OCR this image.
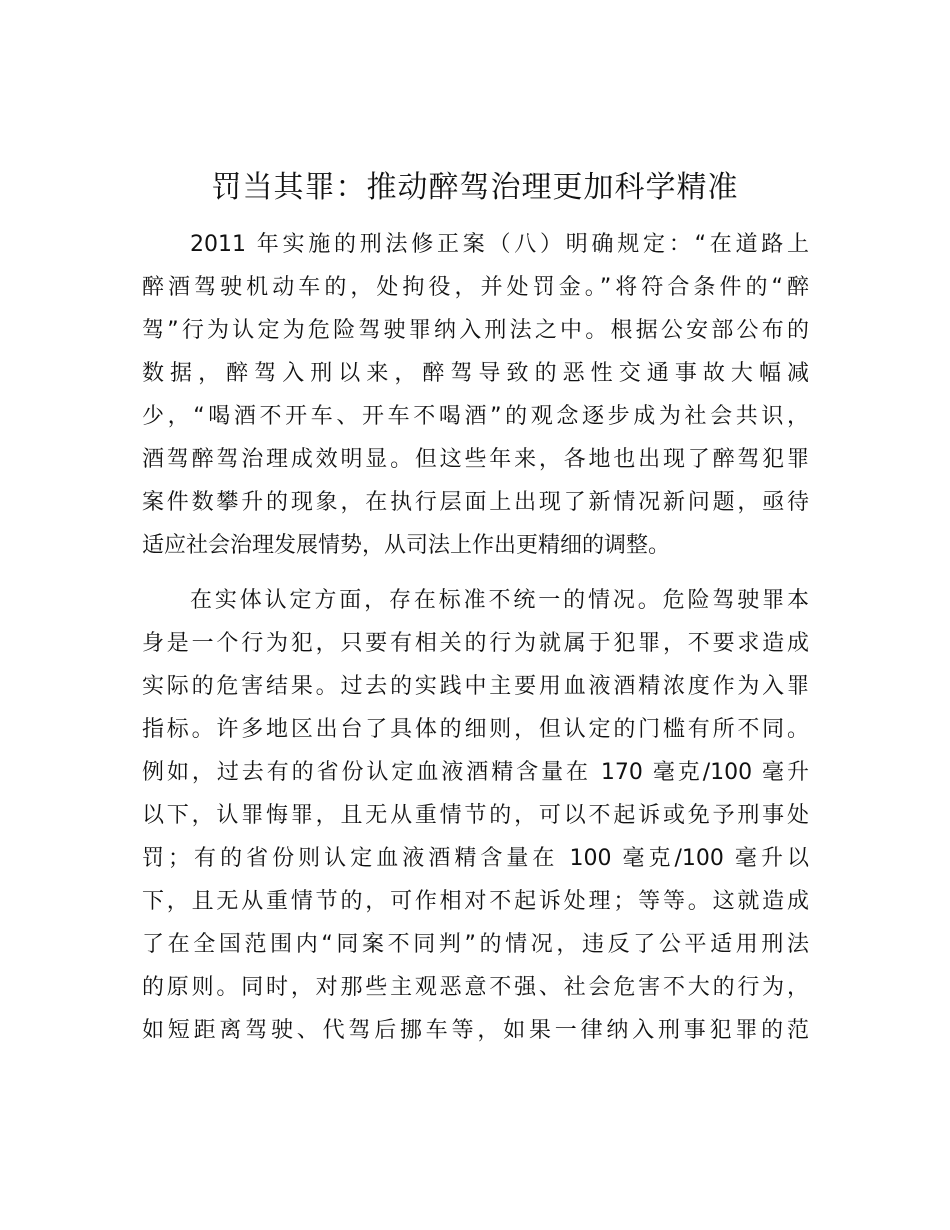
罚当其罪：推动醉驾治理更加科学精准

2011 年实施的刑法修正案（八）明确规定：“在道路上

醉酒驾驶机动车的，处拘役，并处罚金。”将符合条件的“醉

驾”行为认定为危险驾驶罪纳入刑法之中。根据公安部公布的

数据，醉驾入刑以来，醉驾导致的恶性交通事故大幅减

少，“喝酒不开车、开车不喝酒”的观念逐步成为社会共识，

酒驾醉驾治理成效明显。但这些年来，各地也出现了醉驾犯罪

案件数攀升的现象，在执行层面上出现了新情况新问题，亟待

适应社会治理发展情势，从司法上作出更精细的调整。

在实体认定方面，存在标准不统一的情况。危险驾驶罪本

身是一个行为犯，只要有相关的行为就属于犯罪，不要求造成

实际的危害结果。过去的实践中主要用血液酒精浓度作为入罪

指标。许多地区出台了具体的细则，但认定的门槛有所不同。

例如，过去有的省份认定血液酒精含量在 170 毫克/100 毫升

以下，认罪悔罪，且无从重情节的，可以不起诉或免予刑事处

罚；有的省份则认定血液酒精含量在 100 毫克/100 毫升以

下，且无从重情节的，可作相对不起诉处理；等等。这就造成

了在全国范围内“同案不同判”的情况，违反了公平适用刑法

的原则。同时，对那些主观恶意不强、社会危害不大的行为，

如短距离驾驶、代驾后挪车等，如果一律纳入刑事犯罪的范
